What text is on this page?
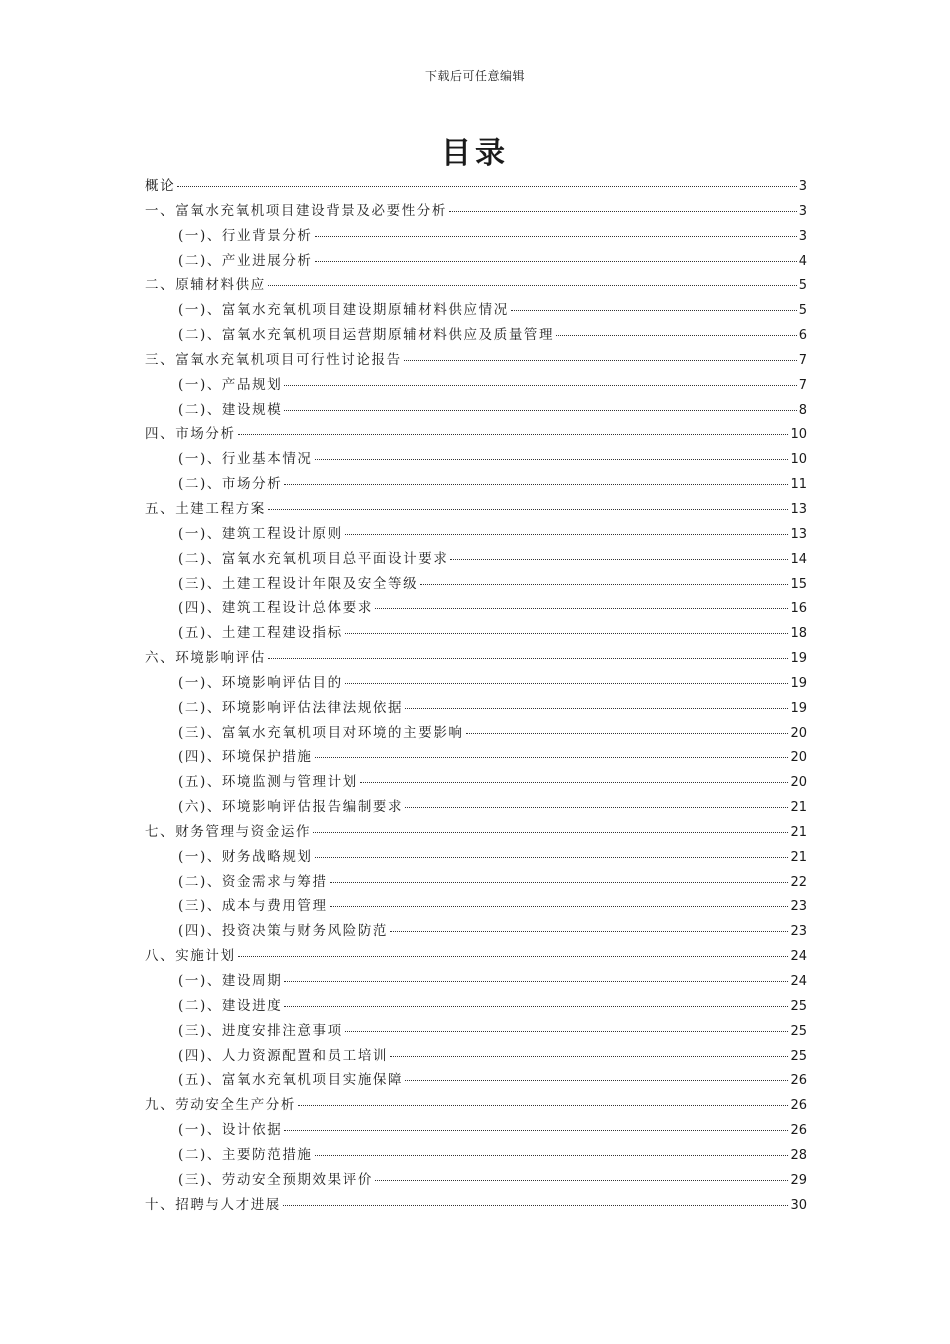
下载后可任意编辑
目录
概论	3
一、富氧水充氧机项目建设背景及必要性分析	3
(一)、行业背景分析	3
(二)、产业进展分析	4
二、原辅材料供应	5
(一)、富氧水充氧机项目建设期原辅材料供应情况	5
(二)、富氧水充氧机项目运营期原辅材料供应及质量管理	6
三、富氧水充氧机项目可行性讨论报告	7
(一)、产品规划	7
(二)、建设规模	8
四、市场分析	10
(一)、行业基本情况	10
(二)、市场分析	11
五、土建工程方案	13
(一)、建筑工程设计原则	13
(二)、富氧水充氧机项目总平面设计要求	14
(三)、土建工程设计年限及安全等级	15
(四)、建筑工程设计总体要求	16
(五)、土建工程建设指标	18
六、环境影响评估	19
(一)、环境影响评估目的	19
(二)、环境影响评估法律法规依据	19
(三)、富氧水充氧机项目对环境的主要影响	20
(四)、环境保护措施	20
(五)、环境监测与管理计划	20
(六)、环境影响评估报告编制要求	21
七、财务管理与资金运作	21
(一)、财务战略规划	21
(二)、资金需求与筹措	22
(三)、成本与费用管理	23
(四)、投资决策与财务风险防范	23
八、实施计划	24
(一)、建设周期	24
(二)、建设进度	25
(三)、进度安排注意事项	25
(四)、人力资源配置和员工培训	25
(五)、富氧水充氧机项目实施保障	26
九、劳动安全生产分析	26
(一)、设计依据	26
(二)、主要防范措施	28
(三)、劳动安全预期效果评价	29
十、招聘与人才进展	30
